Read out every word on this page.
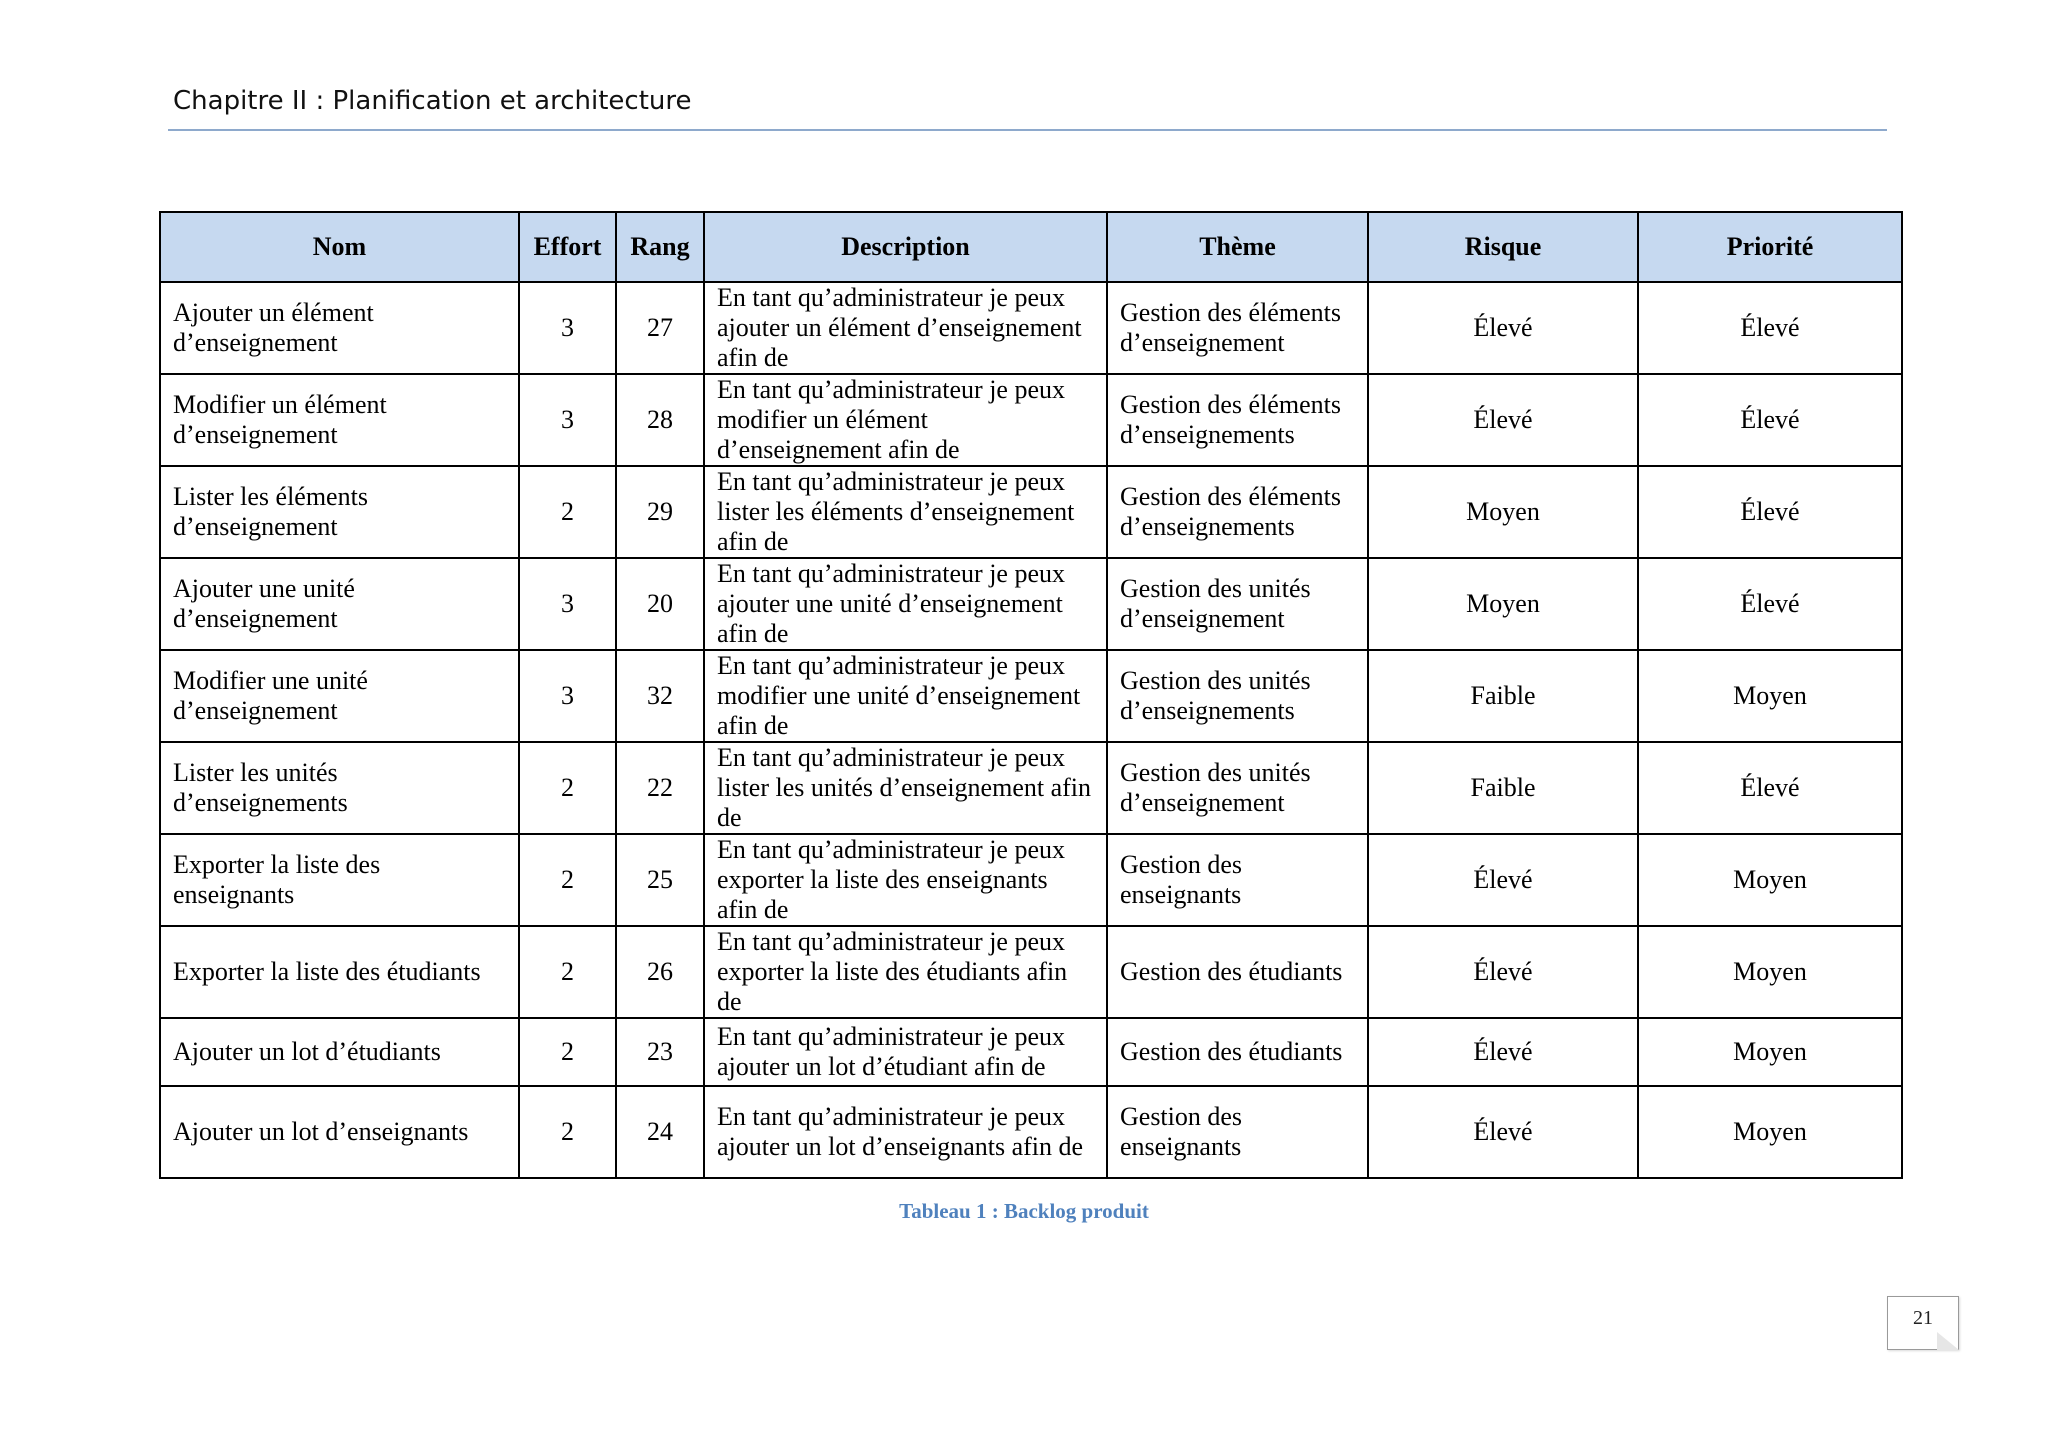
Chapitre II : Planification et architecture
Nom	Effort	Rang	Description	Thème	Risque	Priorité
Ajouter un élément d’enseignement	3	27	En tant qu’administrateur je peux ajouter un élément d’enseignement afin de	Gestion des éléments d’enseignement	Élevé	Élevé
Modifier un élément d’enseignement	3	28	En tant qu’administrateur je peux modifier un élément d’enseignement afin de	Gestion des éléments d’enseignements	Élevé	Élevé
Lister les éléments d’enseignement	2	29	En tant qu’administrateur je peux lister les éléments d’enseignement afin de	Gestion des éléments d’enseignements	Moyen	Élevé
Ajouter une unité d’enseignement	3	20	En tant qu’administrateur je peux ajouter une unité d’enseignement afin de	Gestion des unités d’enseignement	Moyen	Élevé
Modifier une unité d’enseignement	3	32	En tant qu’administrateur je peux modifier une unité d’enseignement afin de	Gestion des unités d’enseignements	Faible	Moyen
Lister les unités d’enseignements	2	22	En tant qu’administrateur je peux lister les unités d’enseignement afin de	Gestion des unités d’enseignement	Faible	Élevé
Exporter la liste des enseignants	2	25	En tant qu’administrateur je peux exporter la liste des enseignants afin de	Gestion des enseignants	Élevé	Moyen
Exporter la liste des étudiants	2	26	En tant qu’administrateur je peux exporter la liste des étudiants afin de	Gestion des étudiants	Élevé	Moyen
Ajouter un lot d’étudiants	2	23	En tant qu’administrateur je peux ajouter un lot d’étudiant afin de	Gestion des étudiants	Élevé	Moyen
Ajouter un lot d’enseignants	2	24	En tant qu’administrateur je peux ajouter un lot d’enseignants afin de	Gestion des enseignants	Élevé	Moyen
Tableau 1 : Backlog produit
21
